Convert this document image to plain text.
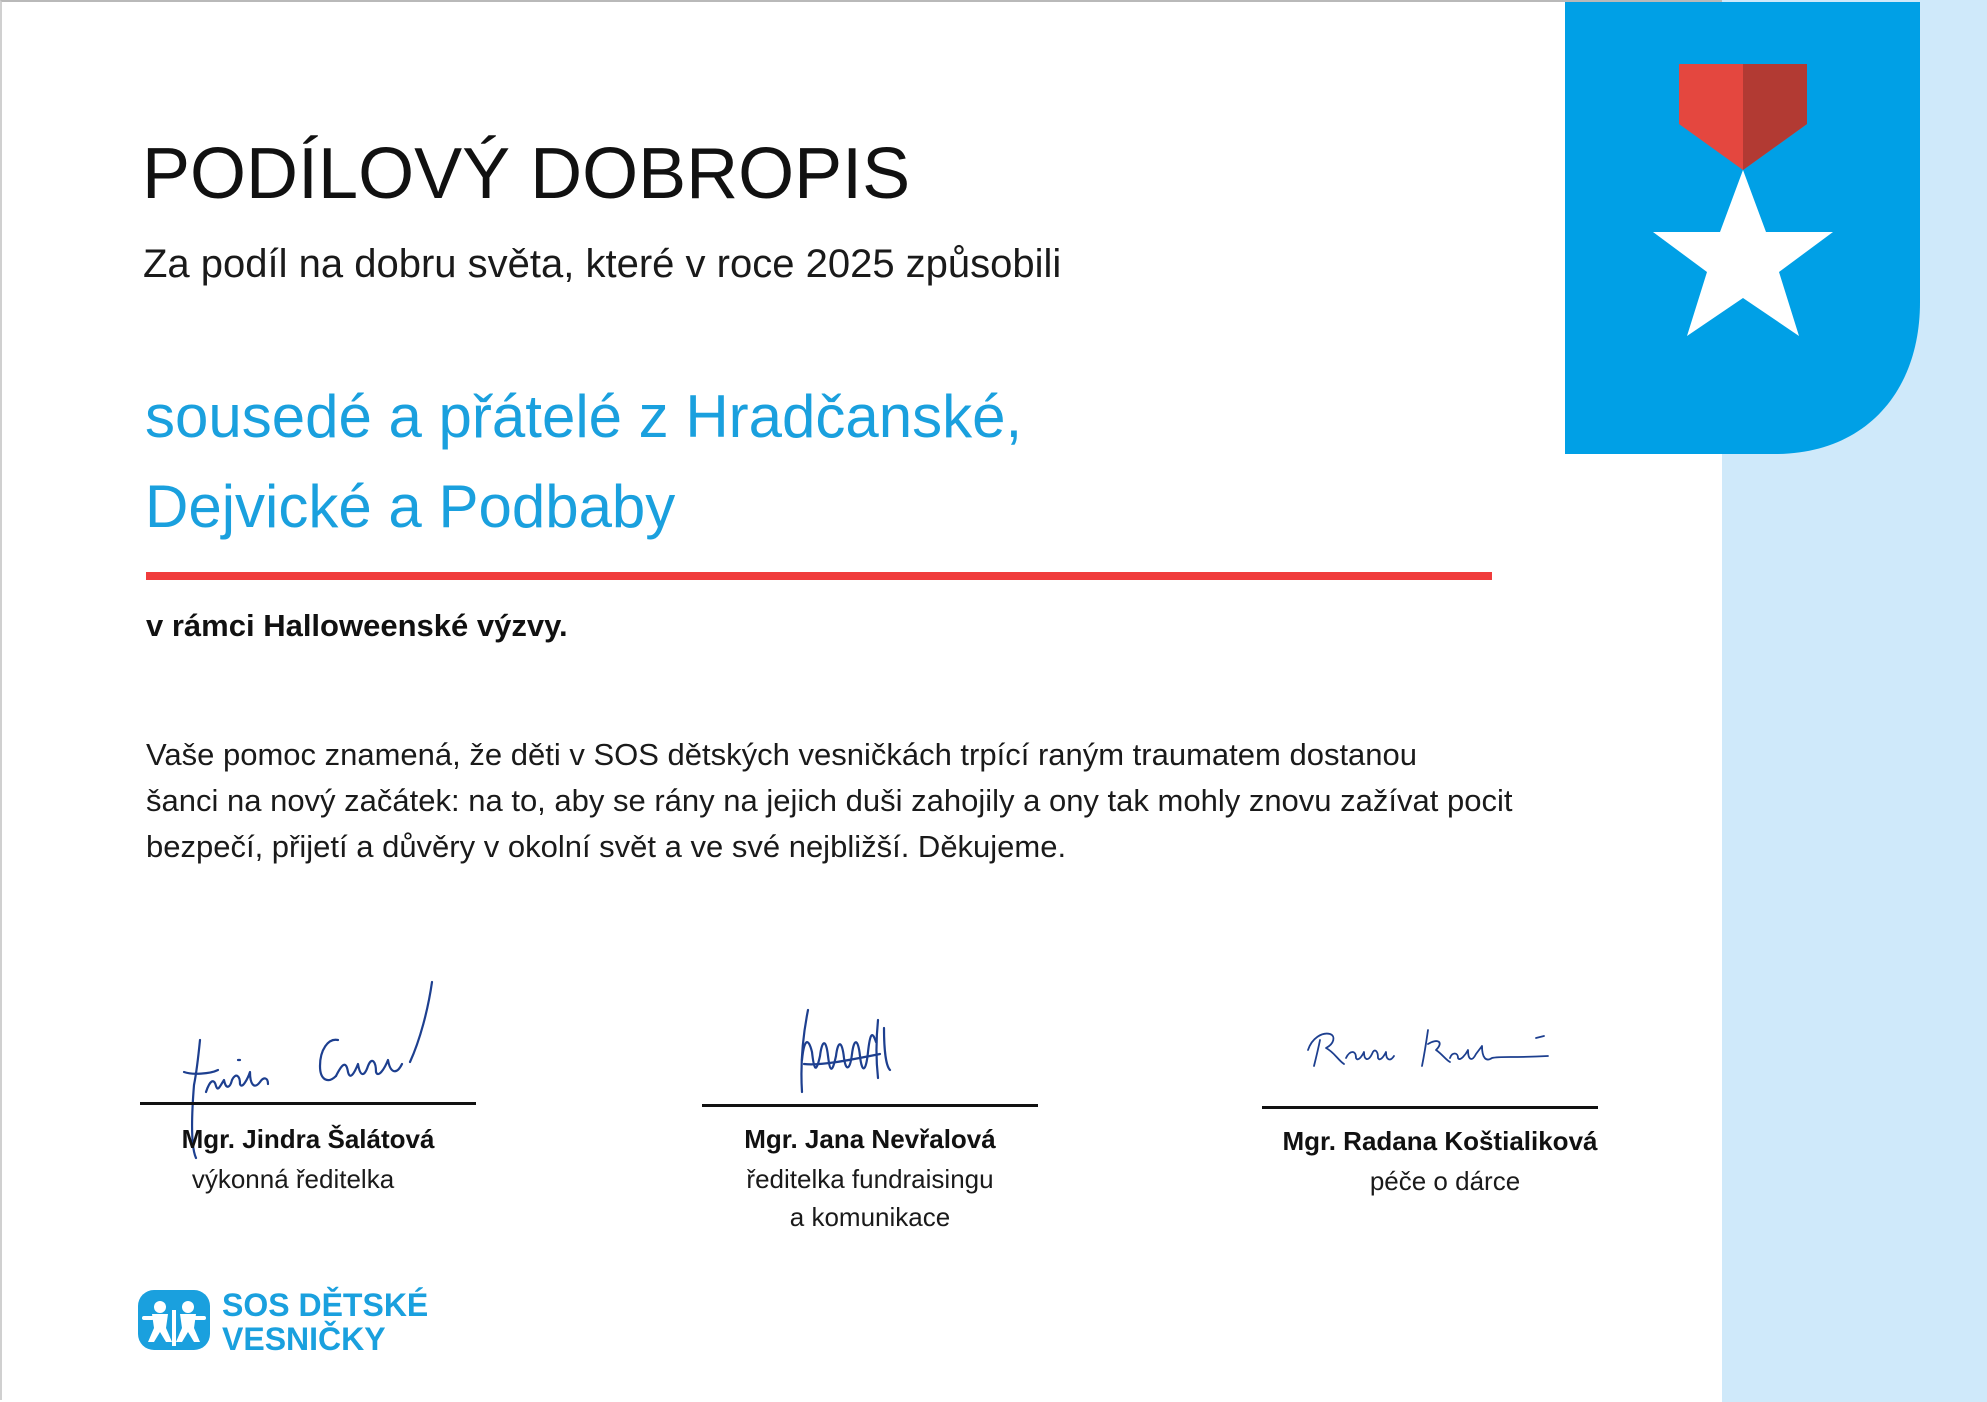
PODÍLOVÝ DOBROPIS
Za podíl na dobru světa, které v roce 2025 způsobili
sousedé a přátelé z Hradčanské,
Dejvické a Podbaby
v rámci Halloweenské výzvy.
Vaše pomoc znamená, že děti v SOS dětských vesničkách trpící raným traumatem dostanou
šanci na nový začátek: na to, aby se rány na jejich duši zahojily a ony tak mohly znovu zažívat pocit
bezpečí, přijetí a důvěry v okolní svět a ve své nejbližší. Děkujeme.
Mgr. Jindra Šalátová
výkonná ředitelka
Mgr. Jana Nevřalová
ředitelka fundraisingu
a komunikace
Mgr. Radana Koštialiková
péče o dárce
SOS DĚTSKÉ
VESNIČKY
